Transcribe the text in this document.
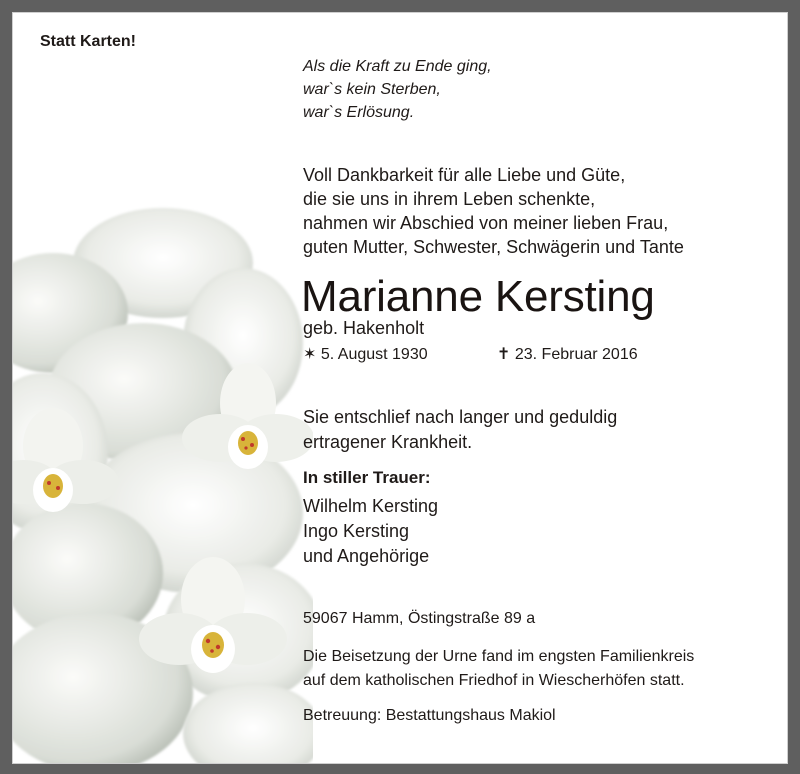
Statt Karten!
Als die Kraft zu Ende ging,
war`s kein Sterben,
war`s Erlösung.
Voll Dankbarkeit für alle Liebe und Güte,
die sie uns in ihrem Leben schenkte,
nahmen wir Abschied von meiner lieben Frau,
guten Mutter, Schwester, Schwägerin und Tante
Marianne Kersting
geb. Hakenholt
✶ 5. August 1930	✝ 23. Februar 2016
Sie entschlief nach langer und geduldig
ertragener Krankheit.
In stiller Trauer:
Wilhelm Kersting
Ingo Kersting
und Angehörige
59067 Hamm, Östingstraße 89 a
Die Beisetzung der Urne fand im engsten Familienkreis
auf dem katholischen Friedhof in Wiescherhöfen statt.
Betreuung: Bestattungshaus Makiol
